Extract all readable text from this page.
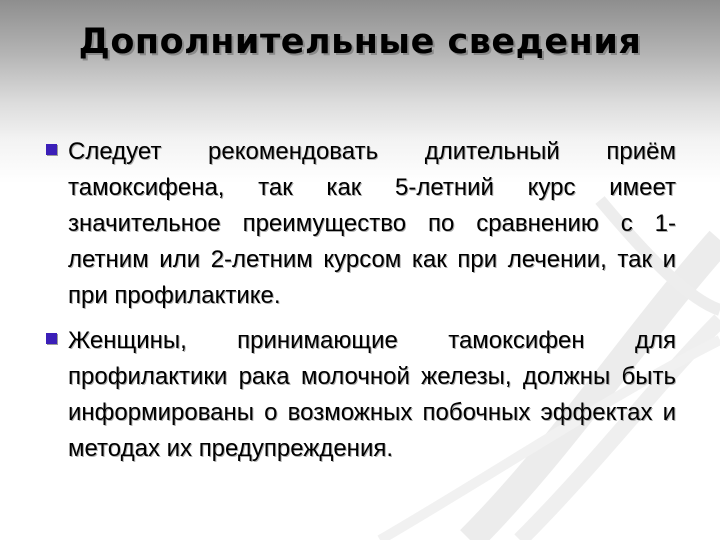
Дополнительные сведения
Следует рекомендовать длительный приём тамоксифена, так как 5-летний курс имеет значительное преимущество по сравнению с 1-летним или 2-летним курсом как при лечении, так и при профилактике.
Женщины, принимающие тамоксифен для профилактики рака молочной железы, должны быть информированы о возможных побочных эффектах и методах их предупреждения.
